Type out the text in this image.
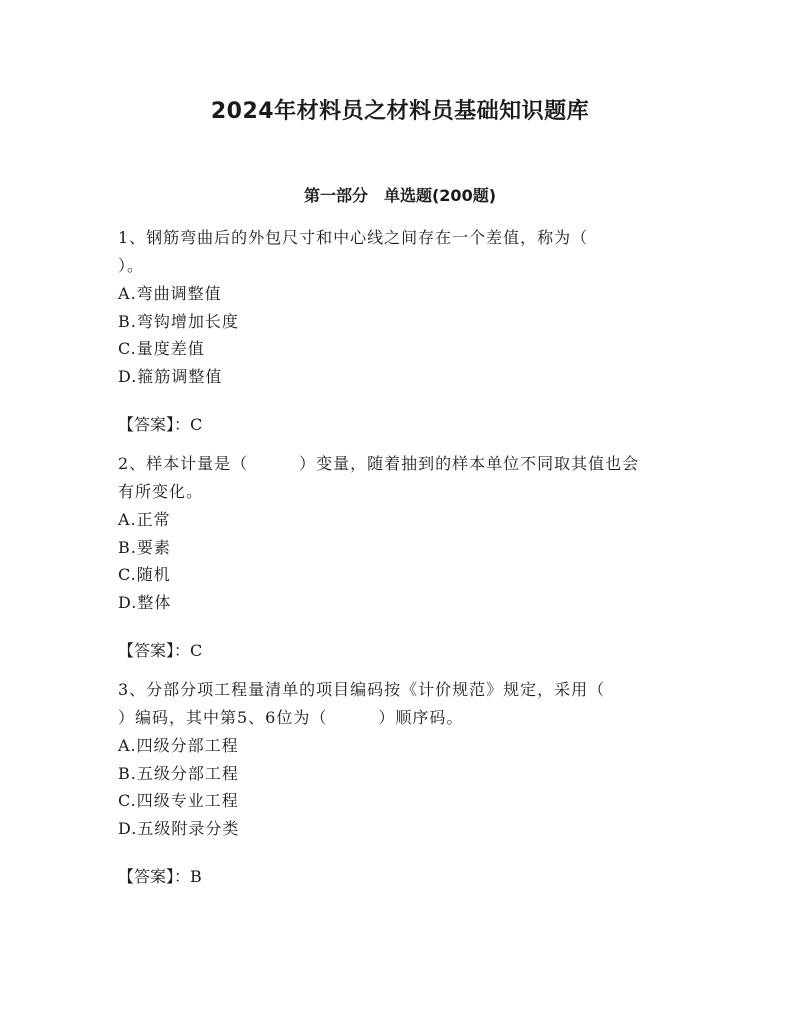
2024年材料员之材料员基础知识题库
第一部分　单选题(200题)

1、钢筋弯曲后的外包尺寸和中心线之间存在一个差值，称为（

）。

A.弯曲调整值

B.弯钩增加长度

C.量度差值

D.箍筋调整值

【答案】：C

2、样本计量是（　　　）变量，随着抽到的样本单位不同取其值也会

有所变化。

A.正常

B.要素

C.随机

D.整体

【答案】：C

3、分部分项工程量清单的项目编码按《计价规范》规定，采用（

）编码，其中第5、6位为（　　　）顺序码。

A.四级分部工程

B.五级分部工程

C.四级专业工程

D.五级附录分类

【答案】：B
